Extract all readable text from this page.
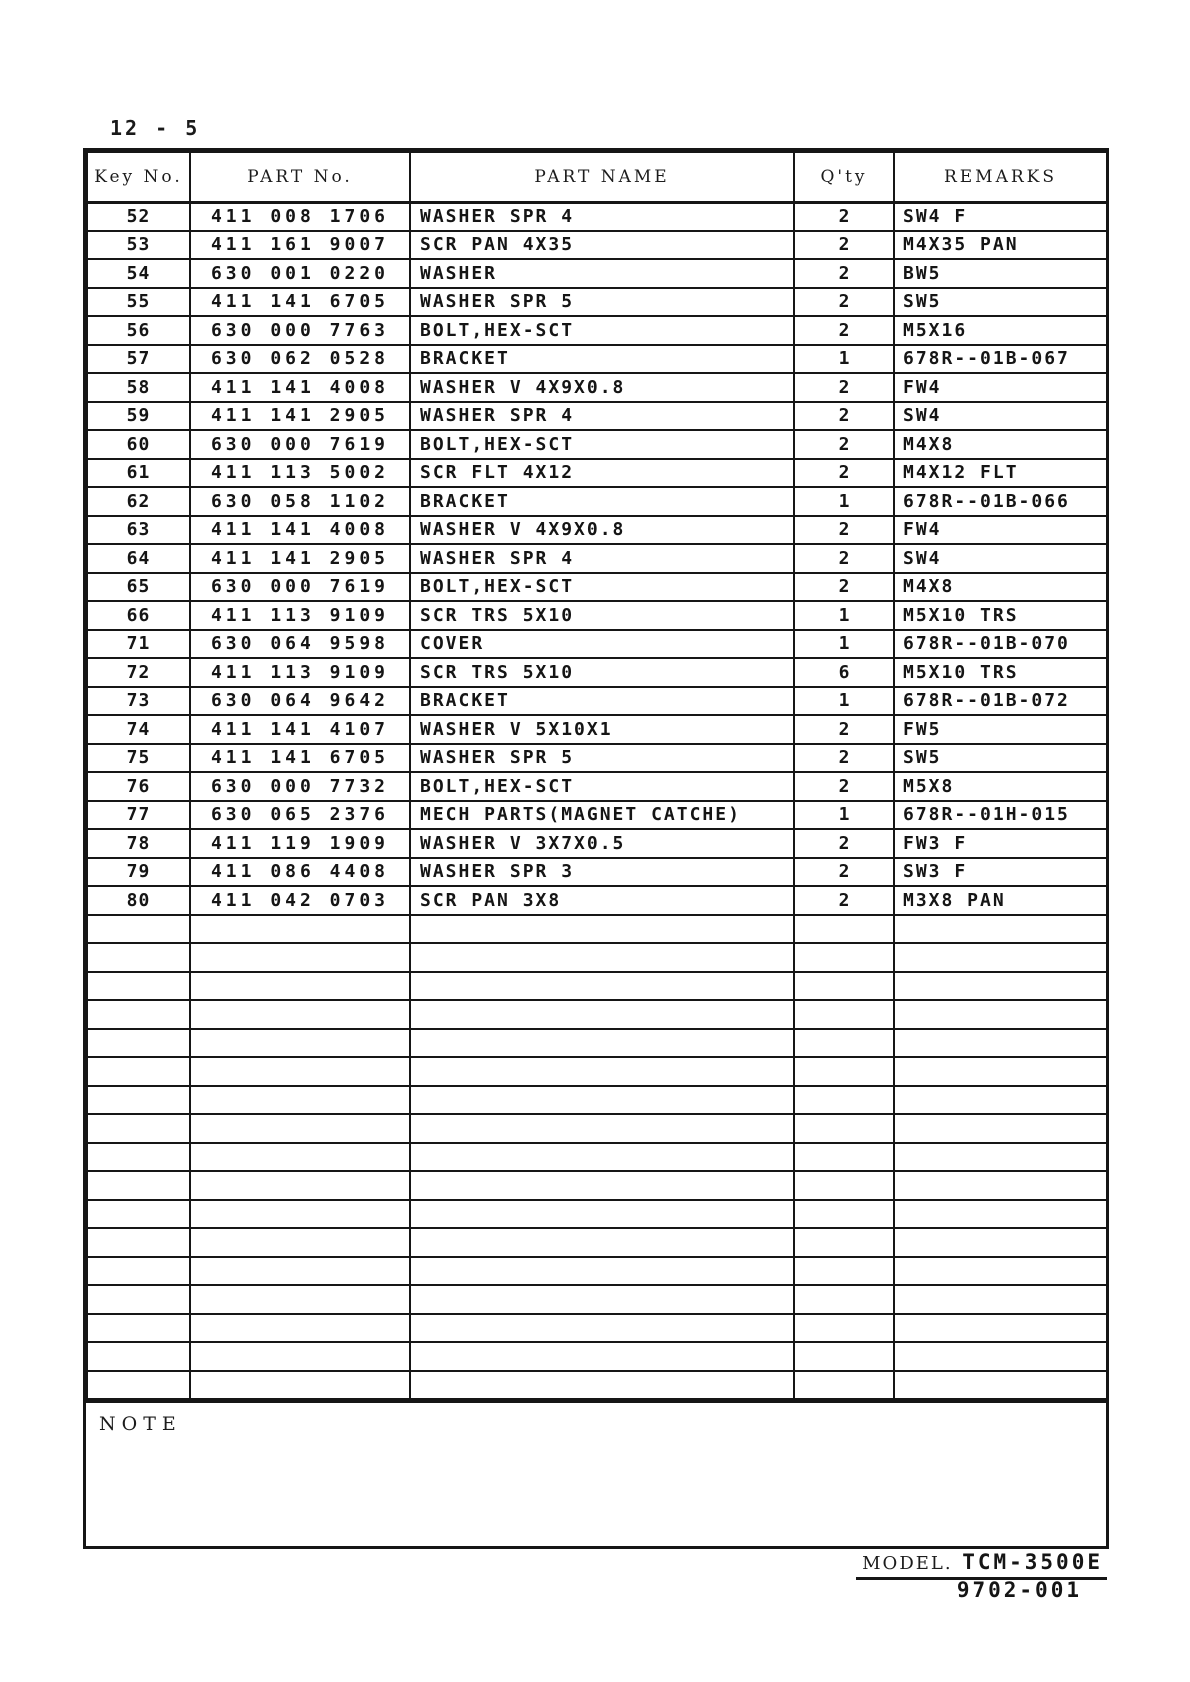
12 - 5
Key No.	PART No.	PART NAME	Q'ty	REMARKS
52	411 008 1706	WASHER SPR 4	2	SW4 F
53	411 161 9007	SCR PAN 4X35	2	M4X35 PAN
54	630 001 0220	WASHER	2	BW5
55	411 141 6705	WASHER SPR 5	2	SW5
56	630 000 7763	BOLT,HEX-SCT	2	M5X16
57	630 062 0528	BRACKET	1	678R--01B-067
58	411 141 4008	WASHER V 4X9X0.8	2	FW4
59	411 141 2905	WASHER SPR 4	2	SW4
60	630 000 7619	BOLT,HEX-SCT	2	M4X8
61	411 113 5002	SCR FLT 4X12	2	M4X12 FLT
62	630 058 1102	BRACKET	1	678R--01B-066
63	411 141 4008	WASHER V 4X9X0.8	2	FW4
64	411 141 2905	WASHER SPR 4	2	SW4
65	630 000 7619	BOLT,HEX-SCT	2	M4X8
66	411 113 9109	SCR TRS 5X10	1	M5X10 TRS
71	630 064 9598	COVER	1	678R--01B-070
72	411 113 9109	SCR TRS 5X10	6	M5X10 TRS
73	630 064 9642	BRACKET	1	678R--01B-072
74	411 141 4107	WASHER V 5X10X1	2	FW5
75	411 141 6705	WASHER SPR 5	2	SW5
76	630 000 7732	BOLT,HEX-SCT	2	M5X8
77	630 065 2376	MECH PARTS(MAGNET CATCHE)	1	678R--01H-015
78	411 119 1909	WASHER V 3X7X0.5	2	FW3 F
79	411 086 4408	WASHER SPR 3	2	SW3 F
80	411 042 0703	SCR PAN 3X8	2	M3X8 PAN

NOTE
MODEL. TCM-3500E
9702-001
